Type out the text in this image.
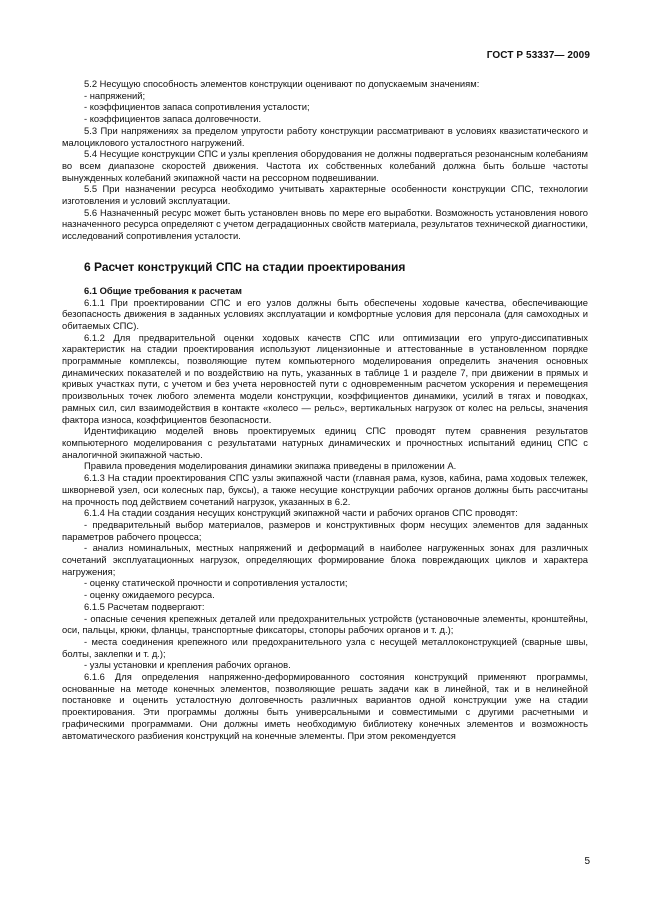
ГОСТ Р 53337— 2009

5.2 Несущую способность элементов конструкции оценивают по допускаемым значениям:

- напряжений;

- коэффициентов запаса сопротивления усталости;

- коэффициентов запаса долговечности.

5.3 При напряжениях за пределом упругости работу конструкции рассматривают в условиях квазистатического и малоциклового усталостного нагружений.

5.4 Несущие конструкции СПС и узлы крепления оборудования не должны подвергаться резонансным колебаниям во всем диапазоне скоростей движения. Частота их собственных колебаний должна быть больше частоты вынужденных колебаний экипажной части на рессорном подвешивании.

5.5 При назначении ресурса необходимо учитывать характерные особенности конструкции СПС, технологии изготовления и условий эксплуатации.

5.6 Назначенный ресурс может быть установлен вновь по мере его выработки. Возможность установления нового назначенного ресурса определяют с учетом деградационных свойств материала, результатов технической диагностики, исследований сопротивления усталости.

6 Расчет конструкций СПС на стадии проектирования

6.1 Общие требования к расчетам

6.1.1 При проектировании СПС и его узлов должны быть обеспечены ходовые качества, обеспечивающие безопасность движения в заданных условиях эксплуатации и комфортные условия для персонала (для самоходных и обитаемых СПС).

6.1.2 Для предварительной оценки ходовых качеств СПС или оптимизации его упруго-диссипативных характеристик на стадии проектирования используют лицензионные и аттестованные в установленном порядке программные комплексы, позволяющие путем компьютерного моделирования определить значения основных динамических показателей и по воздействию на путь, указанных в таблице 1 и разделе 7, при движении в прямых и кривых участках пути, с учетом и без учета неровностей пути с одновременным расчетом ускорения и перемещения произвольных точек любого элемента модели конструкции, коэффициентов динамики, усилий в тягах и поводках, рамных сил, сил взаимодействия в контакте «колесо — рельс», вертикальных нагрузок от колес на рельсы, значения фактора износа, коэффициентов безопасности.

Идентификацию моделей вновь проектируемых единиц СПС проводят путем сравнения результатов компьютерного моделирования с результатами натурных динамических и прочностных испытаний единиц СПС с аналогичной экипажной частью.

Правила проведения моделирования динамики экипажа приведены в приложении А.

6.1.3 На стадии проектирования СПС узлы экипажной части (главная рама, кузов, кабина, рама ходовых тележек, шкворневой узел, оси колесных пар, буксы), а также несущие конструкции рабочих органов должны быть рассчитаны на прочность под действием сочетаний нагрузок, указанных в 6.2.

6.1.4 На стадии создания несущих конструкций экипажной части и рабочих органов СПС проводят:

- предварительный выбор материалов, размеров и конструктивных форм несущих элементов для заданных параметров рабочего процесса;

- анализ номинальных, местных напряжений и деформаций в наиболее нагруженных зонах для различных сочетаний эксплуатационных нагрузок, определяющих формирование блока повреждающих циклов и характера нагружения;

- оценку статической прочности и сопротивления усталости;

- оценку ожидаемого ресурса.

6.1.5 Расчетам подвергают:

- опасные сечения крепежных деталей или предохранительных устройств (установочные элементы, кронштейны, оси, пальцы, крюки, фланцы, транспортные фиксаторы, стопоры рабочих органов и т. д.);

- места соединения крепежного или предохранительного узла с несущей металлоконструкцией (сварные швы, болты, заклепки и т. д.);

- узлы установки и крепления рабочих органов.

6.1.6 Для определения напряженно-деформированного состояния конструкций применяют программы, основанные на методе конечных элементов, позволяющие решать задачи как в линейной, так и в нелинейной постановке и оценить усталостную долговечность различных вариантов одной конструкции уже на стадии проектирования. Эти программы должны быть универсальными и совместимыми с другими расчетными и графическими программами. Они должны иметь необходимую библиотеку конечных элементов и возможность автоматического разбиения конструкций на конечные элементы. При этом рекомендуется

5
